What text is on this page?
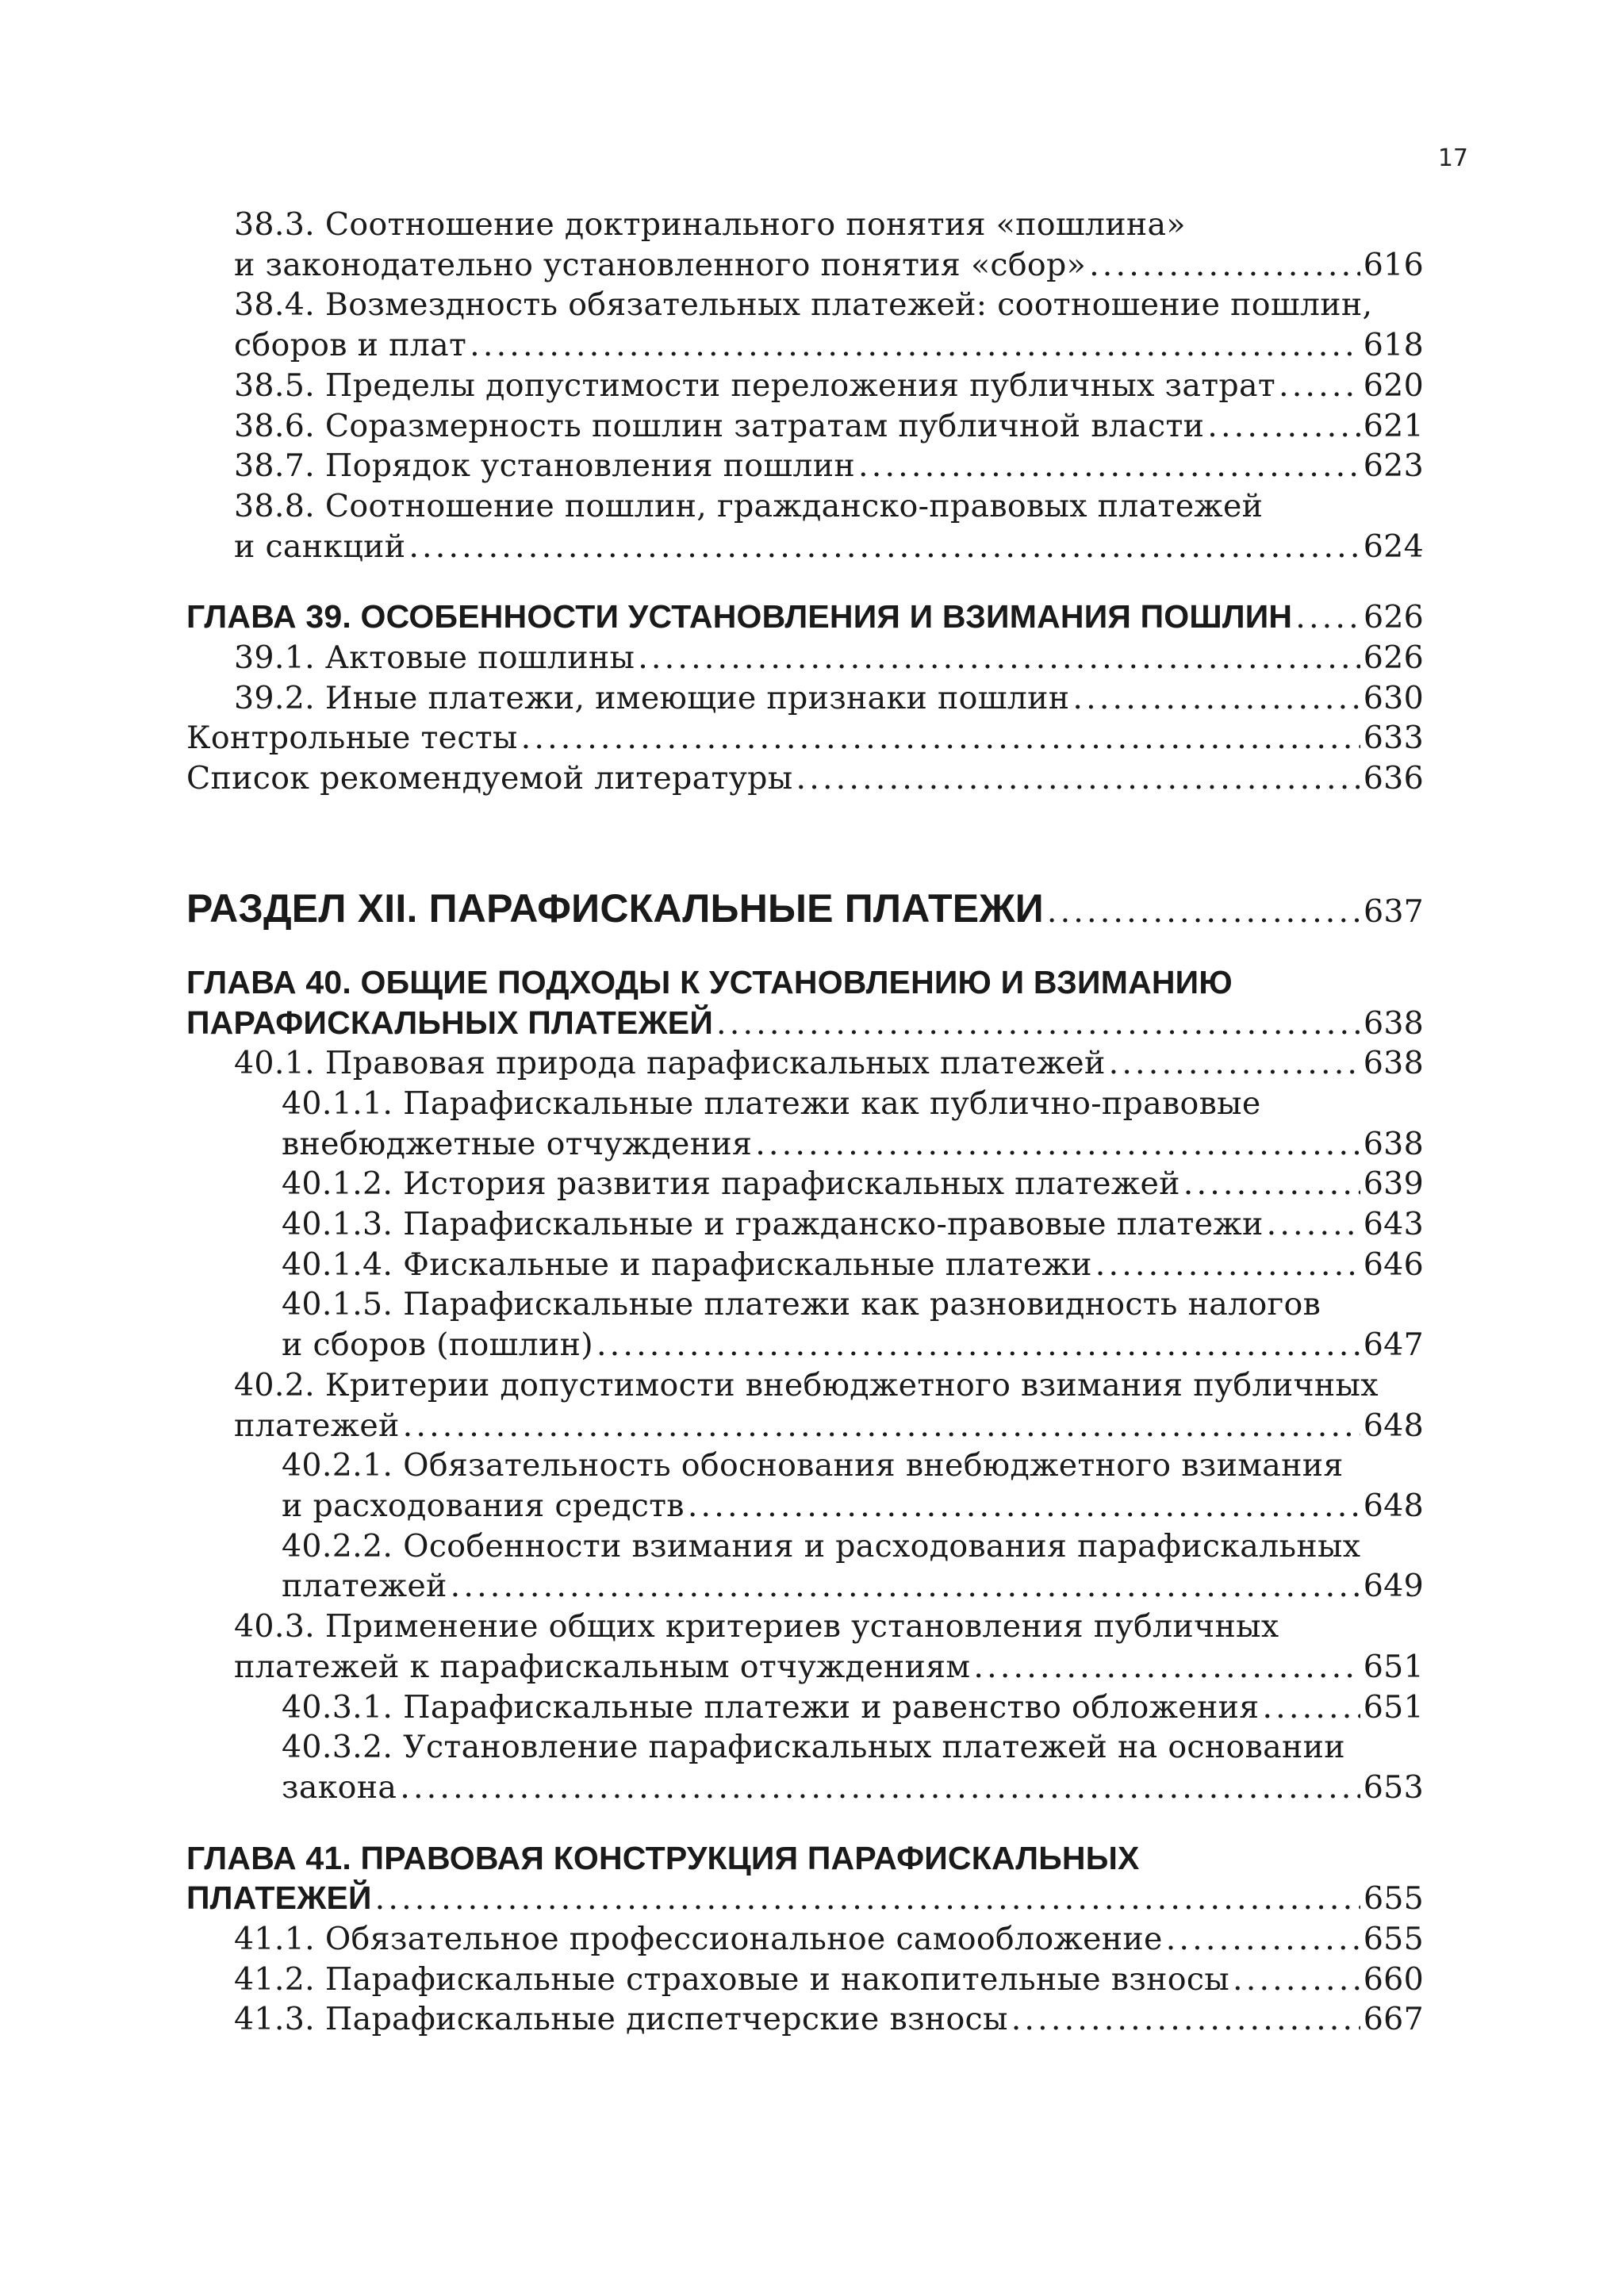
17
38.3. Соотношение доктринального понятия «пошлина»
и законодательно установленного понятия «сбор» . . .	616
38.4. Возмездность обязательных платежей: соотношение пошлин,
сборов и плат . . .	618
38.5. Пределы допустимости переложения публичных затрат . . .	620
38.6. Соразмерность пошлин затратам публичной власти . . .	621
38.7. Порядок установления пошлин . . .	623
38.8. Соотношение пошлин, гражданско-правовых платежей
и санкций . . .	624
ГЛАВА 39. ОСОБЕННОСТИ УСТАНОВЛЕНИЯ И ВЗИМАНИЯ ПОШЛИН . . . 626
39.1. Актовые пошлины . . .	626
39.2. Иные платежи, имеющие признаки пошлин . . .	630
Контрольные тесты . . .	633
Список рекомендуемой литературы . . .	636
РАЗДЕЛ XII. ПАРАФИСКАЛЬНЫЕ ПЛАТЕЖИ . . .	637
ГЛАВА 40. ОБЩИЕ ПОДХОДЫ К УСТАНОВЛЕНИЮ И ВЗИМАНИЮ
ПАРАФИСКАЛЬНЫХ ПЛАТЕЖЕЙ . . .	638
40.1. Правовая природа парафискальных платежей . . .	638
40.1.1. Парафискальные платежи как публично-правовые
внебюджетные отчуждения . . .	638
40.1.2. История развития парафискальных платежей . . .	639
40.1.3. Парафискальные и гражданско-правовые платежи . . .	643
40.1.4. Фискальные и парафискальные платежи . . .	646
40.1.5. Парафискальные платежи как разновидность налогов
и сборов (пошлин) . . .	647
40.2. Критерии допустимости внебюджетного взимания публичных
платежей . . .	648
40.2.1. Обязательность обоснования внебюджетного взимания
и расходования средств . . .	648
40.2.2. Особенности взимания и расходования парафискальных
платежей . . .	649
40.3. Применение общих критериев установления публичных
платежей к парафискальным отчуждениям . . .	651
40.3.1. Парафискальные платежи и равенство обложения . . .	651
40.3.2. Установление парафискальных платежей на основании
закона . . .	653
ГЛАВА 41. ПРАВОВАЯ КОНСТРУКЦИЯ ПАРАФИСКАЛЬНЫХ
ПЛАТЕЖЕЙ . . .	655
41.1. Обязательное профессиональное самообложение . . .	655
41.2. Парафискальные страховые и накопительные взносы . . .	660
41.3. Парафискальные диспетчерские взносы . . .	667
